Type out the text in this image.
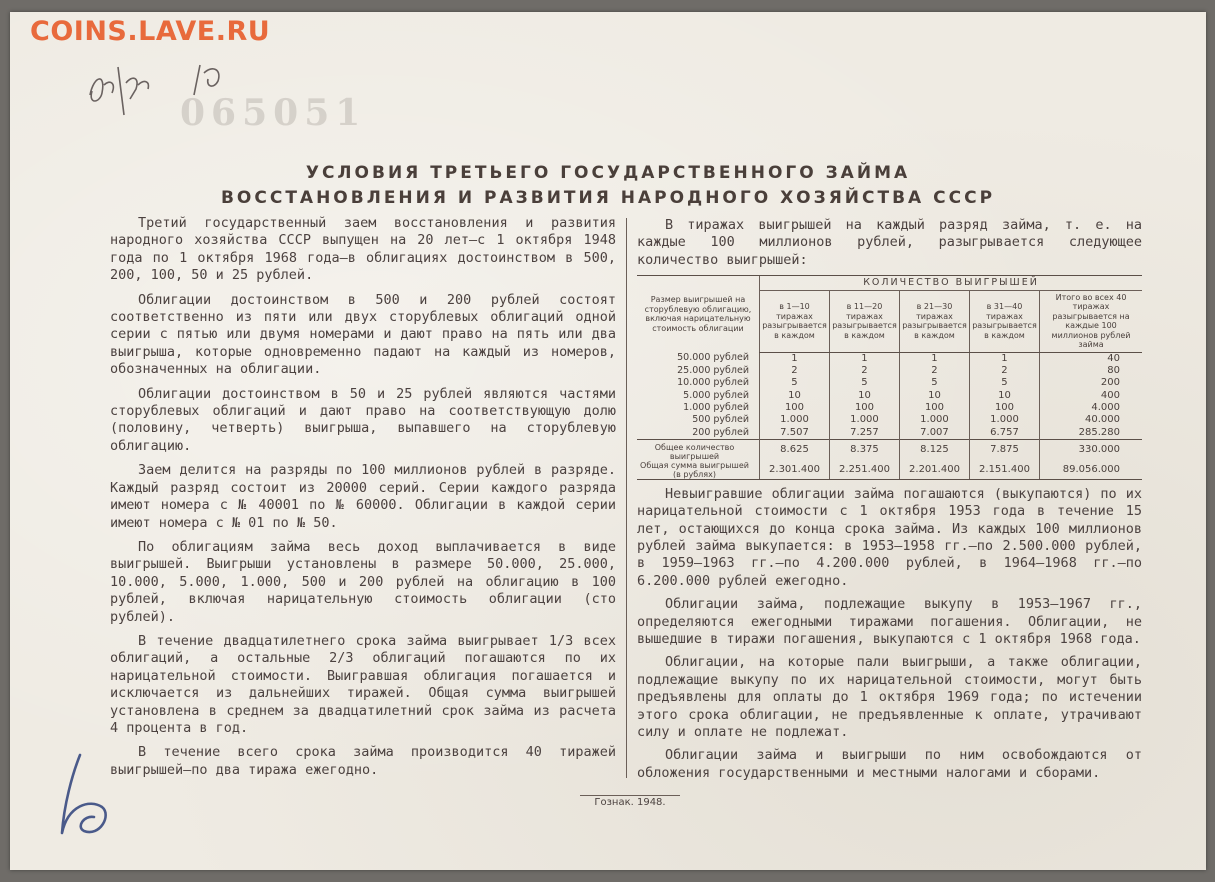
COINS.LAVE.RU
065051
УСЛОВИЯ ТРЕТЬЕГО ГОСУДАРСТВЕННОГО ЗАЙМА
ВОССТАНОВЛЕНИЯ И РАЗВИТИЯ НАРОДНОГО ХОЗЯЙСТВА СССР

Третий государственный заем восстановления и развития народного хозяйства СССР выпущен на 20 лет—с 1 октября 1948 года по 1 октября 1968 года—в облигациях достоинством в 500, 200, 100, 50 и 25 рублей.

Облигации достоинством в 500 и 200 рублей состоят соответственно из пяти или двух сторублевых облигаций одной серии с пятью или двумя номерами и дают право на пять или два выигрыша, которые одновременно падают на каждый из номеров, обозначенных на облигации.

Облигации достоинством в 50 и 25 рублей являются частями сторублевых облигаций и дают право на соответствующую долю (половину, четверть) выигрыша, выпавшего на сторублевую облигацию.

Заем делится на разряды по 100 миллионов рублей в разряде. Каждый разряд состоит из 20000 серий. Серии каждого разряда имеют номера с № 40001 по № 60000. Облигации в каждой серии имеют номера с № 01 по № 50.

По облигациям займа весь доход выплачивается в виде выигрышей. Выигрыши установлены в размере 50.000, 25.000, 10.000, 5.000, 1.000, 500 и 200 рублей на облигацию в 100 рублей, включая нарицательную стоимость облигации (сто рублей).

В течение двадцатилетнего срока займа выигрывает 1/3 всех облигаций, а остальные 2/3 облигаций погашаются по их нарицательной стоимости. Выигравшая облигация погашается и исключается из дальнейших тиражей. Общая сумма выигрышей установлена в среднем за двадцатилетний срок займа из расчета 4 процента в год.

В течение всего срока займа производится 40 тиражей выигрышей—по два тиража ежегодно.

В тиражах выигрышей на каждый разряд займа, т. е. на каждые 100 миллионов рублей, разыгрывается следующее количество выигрышей:

Размер выигрышей на сторублевую облигацию, включая нарицательную стоимость облигации	КОЛИЧЕСТВО ВЫИГРЫШЕЙ				
	в 1—10 тиражах разыгрывается в каждом	в 11—20 тиражах разыгрывается в каждом	в 21—30 тиражах разыгрывается в каждом	в 31—40 тиражах разыгрывается в каждом	Итого во всех 40 тиражах разыгрывается на каждые 100 миллионов рублей займа
50.000 рублей	1	1	1	1	40
25.000 рублей	2	2	2	2	80
10.000 рублей	5	5	5	5	200
5.000 рублей	10	10	10	10	400
1.000 рублей	100	100	100	100	4.000
500 рублей	1.000	1.000	1.000	1.000	40.000
200 рублей	7.507	7.257	7.007	6.757	285.280
Общее количество выигрышей	8.625	8.375	8.125	7.875	330.000
Общая сумма выигрышей (в рублях)	2.301.400	2.251.400	2.201.400	2.151.400	89.056.000

Невыигравшие облигации займа погашаются (выкупаются) по их нарицательной стоимости с 1 октября 1953 года в течение 15 лет, остающихся до конца срока займа. Из каждых 100 миллионов рублей займа выкупается: в 1953—1958 гг.—по 2.500.000 рублей, в 1959—1963 гг.—по 4.200.000 рублей, в 1964—1968 гг.—по 6.200.000 рублей ежегодно.

Облигации займа, подлежащие выкупу в 1953—1967 гг., определяются ежегодными тиражами погашения. Облигации, не вышедшие в тиражи погашения, выкупаются с 1 октября 1968 года.

Облигации, на которые пали выигрыши, а также облигации, подлежащие выкупу по их нарицательной стоимости, могут быть предъявлены для оплаты до 1 октября 1969 года; по истечении этого срока облигации, не предъявленные к оплате, утрачивают силу и оплате не подлежат.

Облигации займа и выигрыши по ним освобождаются от обложения государственными и местными налогами и сборами.

Гознак. 1948.
